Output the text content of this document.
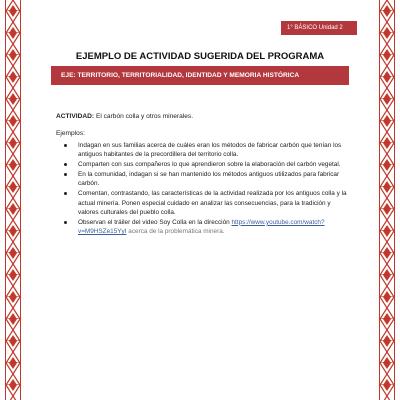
1° BÁSICO Unidad 2
EJEMPLO DE ACTIVIDAD SUGERIDA DEL PROGRAMA
EJE: TERRITORIO, TERRITORIALIDAD, IDENTIDAD Y MEMORIA HISTÓRICA
ACTIVIDAD: El carbón colla y otros minerales.
Ejemplos:
Indagan en sus familias acerca de cuáles eran los métodos de fabricar carbón que tenían los antiguos habitantes de la precordillera del territorio colla.
Comparten con sus compañeros lo que aprendieron sobre la elaboración del carbón vegetal.
En la comunidad, indagan si se han mantenido los métodos antiguos utilizados para fabricar carbón.
Comentan, contrastando, las características de la actividad realizada por los antiguos colla y la actual minería. Ponen especial cuidado en analizar las consecuencias, para la tradición y valores culturales del pueblo colla.
Observan el tráiler del video Soy Colla en la dirección https://www.youtube.com/watch?v=M9HSZe15YyI acerca de la problemática minera.
